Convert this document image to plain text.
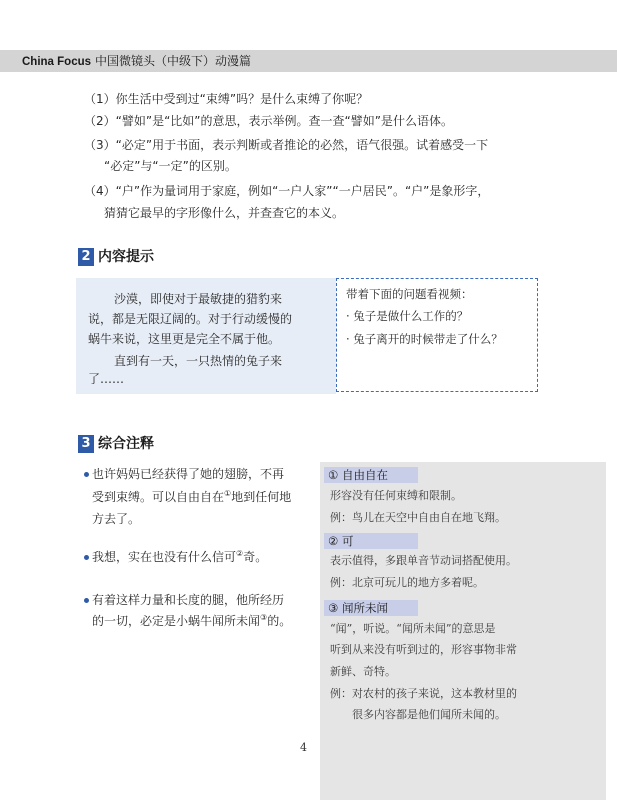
China Focus 中国微镜头（中级下）动漫篇
（1）你生活中受到过“束缚”吗？是什么束缚了你呢？
（2）“譬如”是“比如”的意思，表示举例。查一查“譬如”是什么语体。
（3）“必定”用于书面，表示判断或者推论的必然，语气很强。试着感受一下
“必定”与“一定”的区别。
（4）“户”作为量词用于家庭，例如“一户人家”“一户居民”。“户”是象形字，
猜猜它最早的字形像什么，并查查它的本义。
2 内容提示
沙漠，即使对于最敏捷的猎豹来
说，都是无限辽阔的。对于行动缓慢的
蜗牛来说，这里更是完全不属于他。
直到有一天，一只热情的兔子来
了……
带着下面的问题看视频：
· 兔子是做什么工作的？
· 兔子离开的时候带走了什么？
3 综合注释
也许妈妈已经获得了她的翅膀，不再
受到束缚。可以自由自在①地到任何地
方去了。
我想，实在也没有什么信可②奇。
有着这样力量和长度的腿，他所经历
的一切，必定是小蜗牛闻所未闻③的。
① 自由自在
形容没有任何束缚和限制。
例：鸟儿在天空中自由自在地飞翔。
② 可
表示值得，多跟单音节动词搭配使用。
例：北京可玩儿的地方多着呢。
③ 闻所未闻
“闻”，听说。“闻所未闻”的意思是
听到从来没有听到过的，形容事物非常
新鲜、奇特。
例：对农村的孩子来说，这本教材里的
很多内容都是他们闻所未闻的。
4
